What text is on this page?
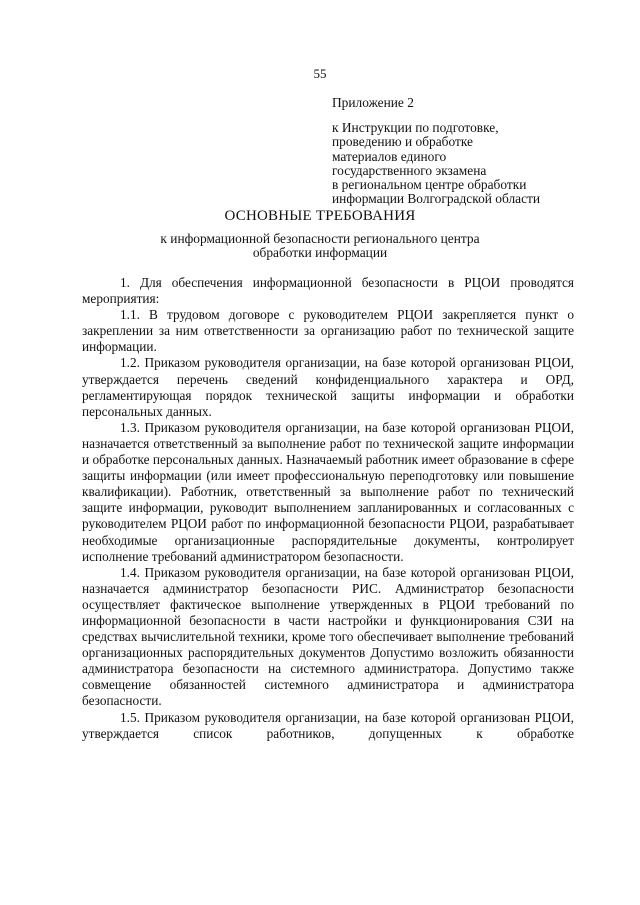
55
Приложение 2
к Инструкции по подготовке,
проведению и обработке
материалов единого
государственного экзамена
в региональном центре обработки
информации Волгоградской области
ОСНОВНЫЕ ТРЕБОВАНИЯ
к информационной безопасности регионального центра
обработки информации

1. Для обеспечения информационной безопасности в РЦОИ проводятся мероприятия:

1.1. В трудовом договоре с руководителем РЦОИ закрепляется пункт о закреплении за ним ответственности за организацию работ по технической защите информации.

1.2. Приказом руководителя организации, на базе которой организован РЦОИ, утверждается перечень сведений конфиденциального характера и ОРД, регламентирующая порядок технической защиты информации и обработки персональных данных.

1.3. Приказом руководителя организации, на базе которой организован РЦОИ, назначается ответственный за выполнение работ по технической защите информации и обработке персональных данных. Назначаемый работник имеет образование в сфере защиты информации (или имеет профессиональную переподготовку или повышение квалификации). Работник, ответственный за выполнение работ по технический защите информации, руководит выполнением запланированных и согласованных с руководителем РЦОИ работ по информационной безопасности РЦОИ, разрабатывает необходимые организационные распорядительные документы, контролирует исполнение требований администратором безопасности.

1.4. Приказом руководителя организации, на базе которой организован РЦОИ, назначается администратор безопасности РИС. Администратор безопасности осуществляет фактическое выполнение утвержденных в РЦОИ требований по информационной безопасности в части настройки и функционирования СЗИ на средствах вычислительной техники, кроме того обеспечивает выполнение требований организационных распорядительных документов Допустимо возложить обязанности администратора безопасности на системного администратора. Допустимо также совмещение обязанностей системного администратора и администратора безопасности.

1.5. Приказом руководителя организации, на базе которой организован РЦОИ, утверждается список работников, допущенных к обработке
